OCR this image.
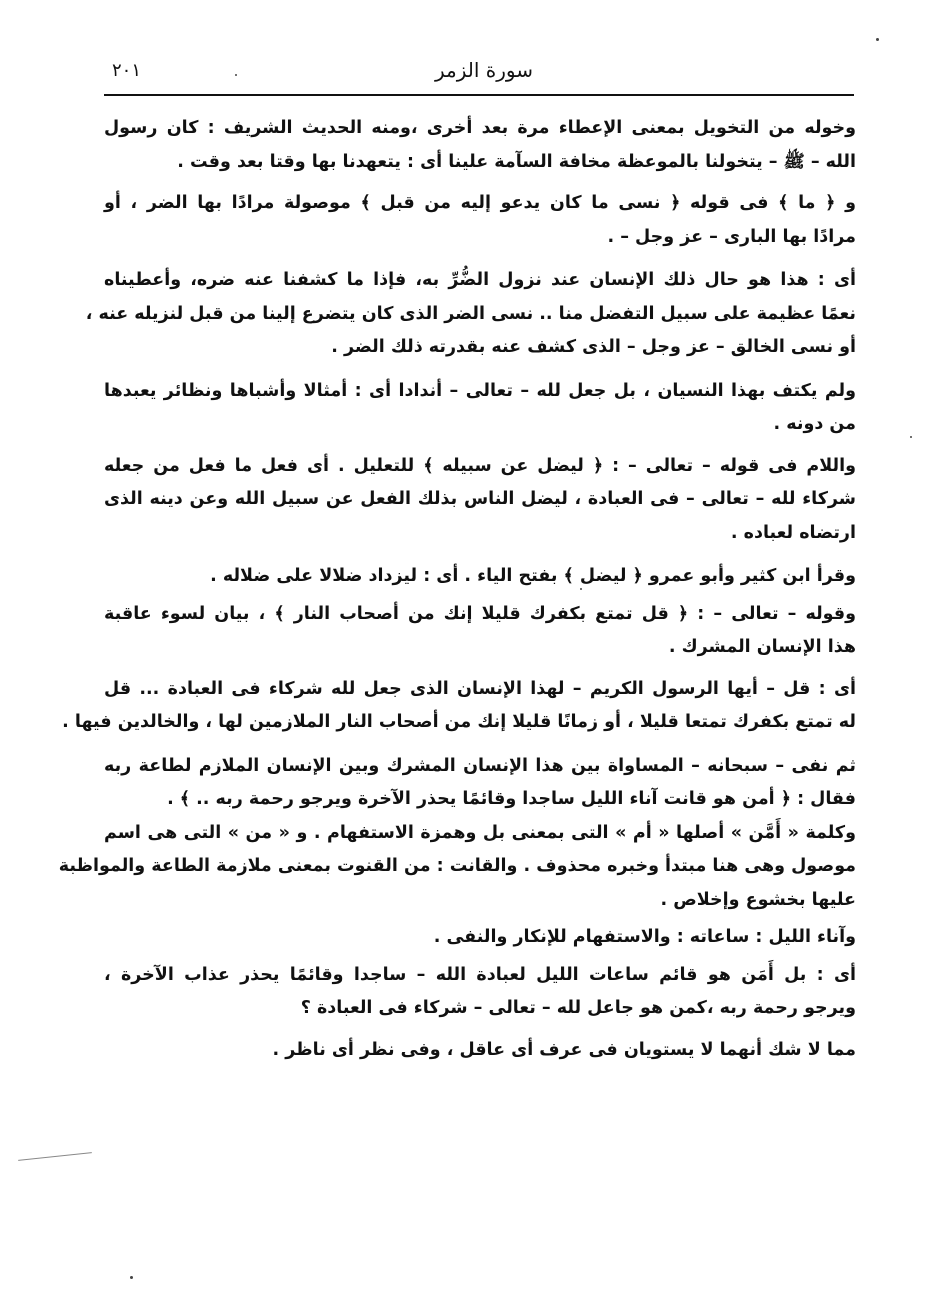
سورة الزمر
٢٠١
وخوله من التخويل بمعنى الإعطاء مرة بعد أخرى ،ومنه الحديث الشريف : كان رسول
الله – ﷺ – يتخولنا بالموعظة مخافة السآمة علينا أى : يتعهدنا بها وقتا بعد وقت .
و ﴿ ما ﴾ فى قوله ﴿ نسى ما كان يدعو إليه من قبل ﴾ موصولة مرادًا بها الضر ، أو
مرادًا بها البارى – عز وجل – .
أى : هذا هو حال ذلك الإنسان عند نزول الضُّرِّ به، فإذا ما كشفنا عنه ضره، وأعطيناه
نعمًا عظيمة على سبيل التفضل منا .. نسى الضر الذى كان يتضرع إلينا من قبل لنزيله عنه ،
أو نسى الخالق – عز وجل – الذى كشف عنه بقدرته ذلك الضر .
ولم يكتف بهذا النسيان ، بل جعل لله – تعالى – أندادا أى : أمثالا وأشباها ونظائر يعبدها
من دونه .
واللام فى قوله – تعالى – : ﴿ ليضل عن سبيله ﴾ للتعليل . أى فعل ما فعل من جعله
شركاء لله – تعالى – فى العبادة ، ليضل الناس بذلك الفعل عن سبيل الله وعن دينه الذى
ارتضاه لعباده .
وقرأ ابن كثير وأبو عمرو ﴿ ليضل ﴾ بفتح الياء . أى : ليزداد ضلالا على ضلاله .
وقوله – تعالى – : ﴿ قل تمتع بكفرك قليلا إنك من أصحاب النار ﴾ ، بيان لسوء عاقبة
هذا الإنسان المشرك .
أى : قل – أيها الرسول الكريم – لهذا الإنسان الذى جعل لله شركاء فى العبادة ... قل
له تمتع بكفرك تمتعا قليلا ، أو زمانًا قليلا إنك من أصحاب النار الملازمين لها ، والخالدين فيها .
ثم نفى – سبحانه – المساواة بين هذا الإنسان المشرك وبين الإنسان الملازم لطاعة ربه
فقال : ﴿ أمن هو قانت آناء الليل ساجدا وقائمًا يحذر الآخرة ويرجو رحمة ربه .. ﴾ .
وكلمة « أَمَّن » أصلها « أم » التى بمعنى بل وهمزة الاستفهام . و « من » التى هى اسم
موصول وهى هنا مبتدأ وخبره محذوف . والقانت : من القنوت بمعنى ملازمة الطاعة والمواظبة
عليها بخشوع وإخلاص .
وآناء الليل : ساعاته : والاستفهام للإنكار والنفى .
أى : بل أَمَن هو قائم ساعات الليل لعبادة الله – ساجدا وقائمًا يحذر عذاب الآخرة ،
ويرجو رحمة ربه ،كمن هو جاعل لله – تعالى – شركاء فى العبادة ؟
مما لا شك أنهما لا يستويان فى عرف أى عاقل ، وفى نظر أى ناظر .
